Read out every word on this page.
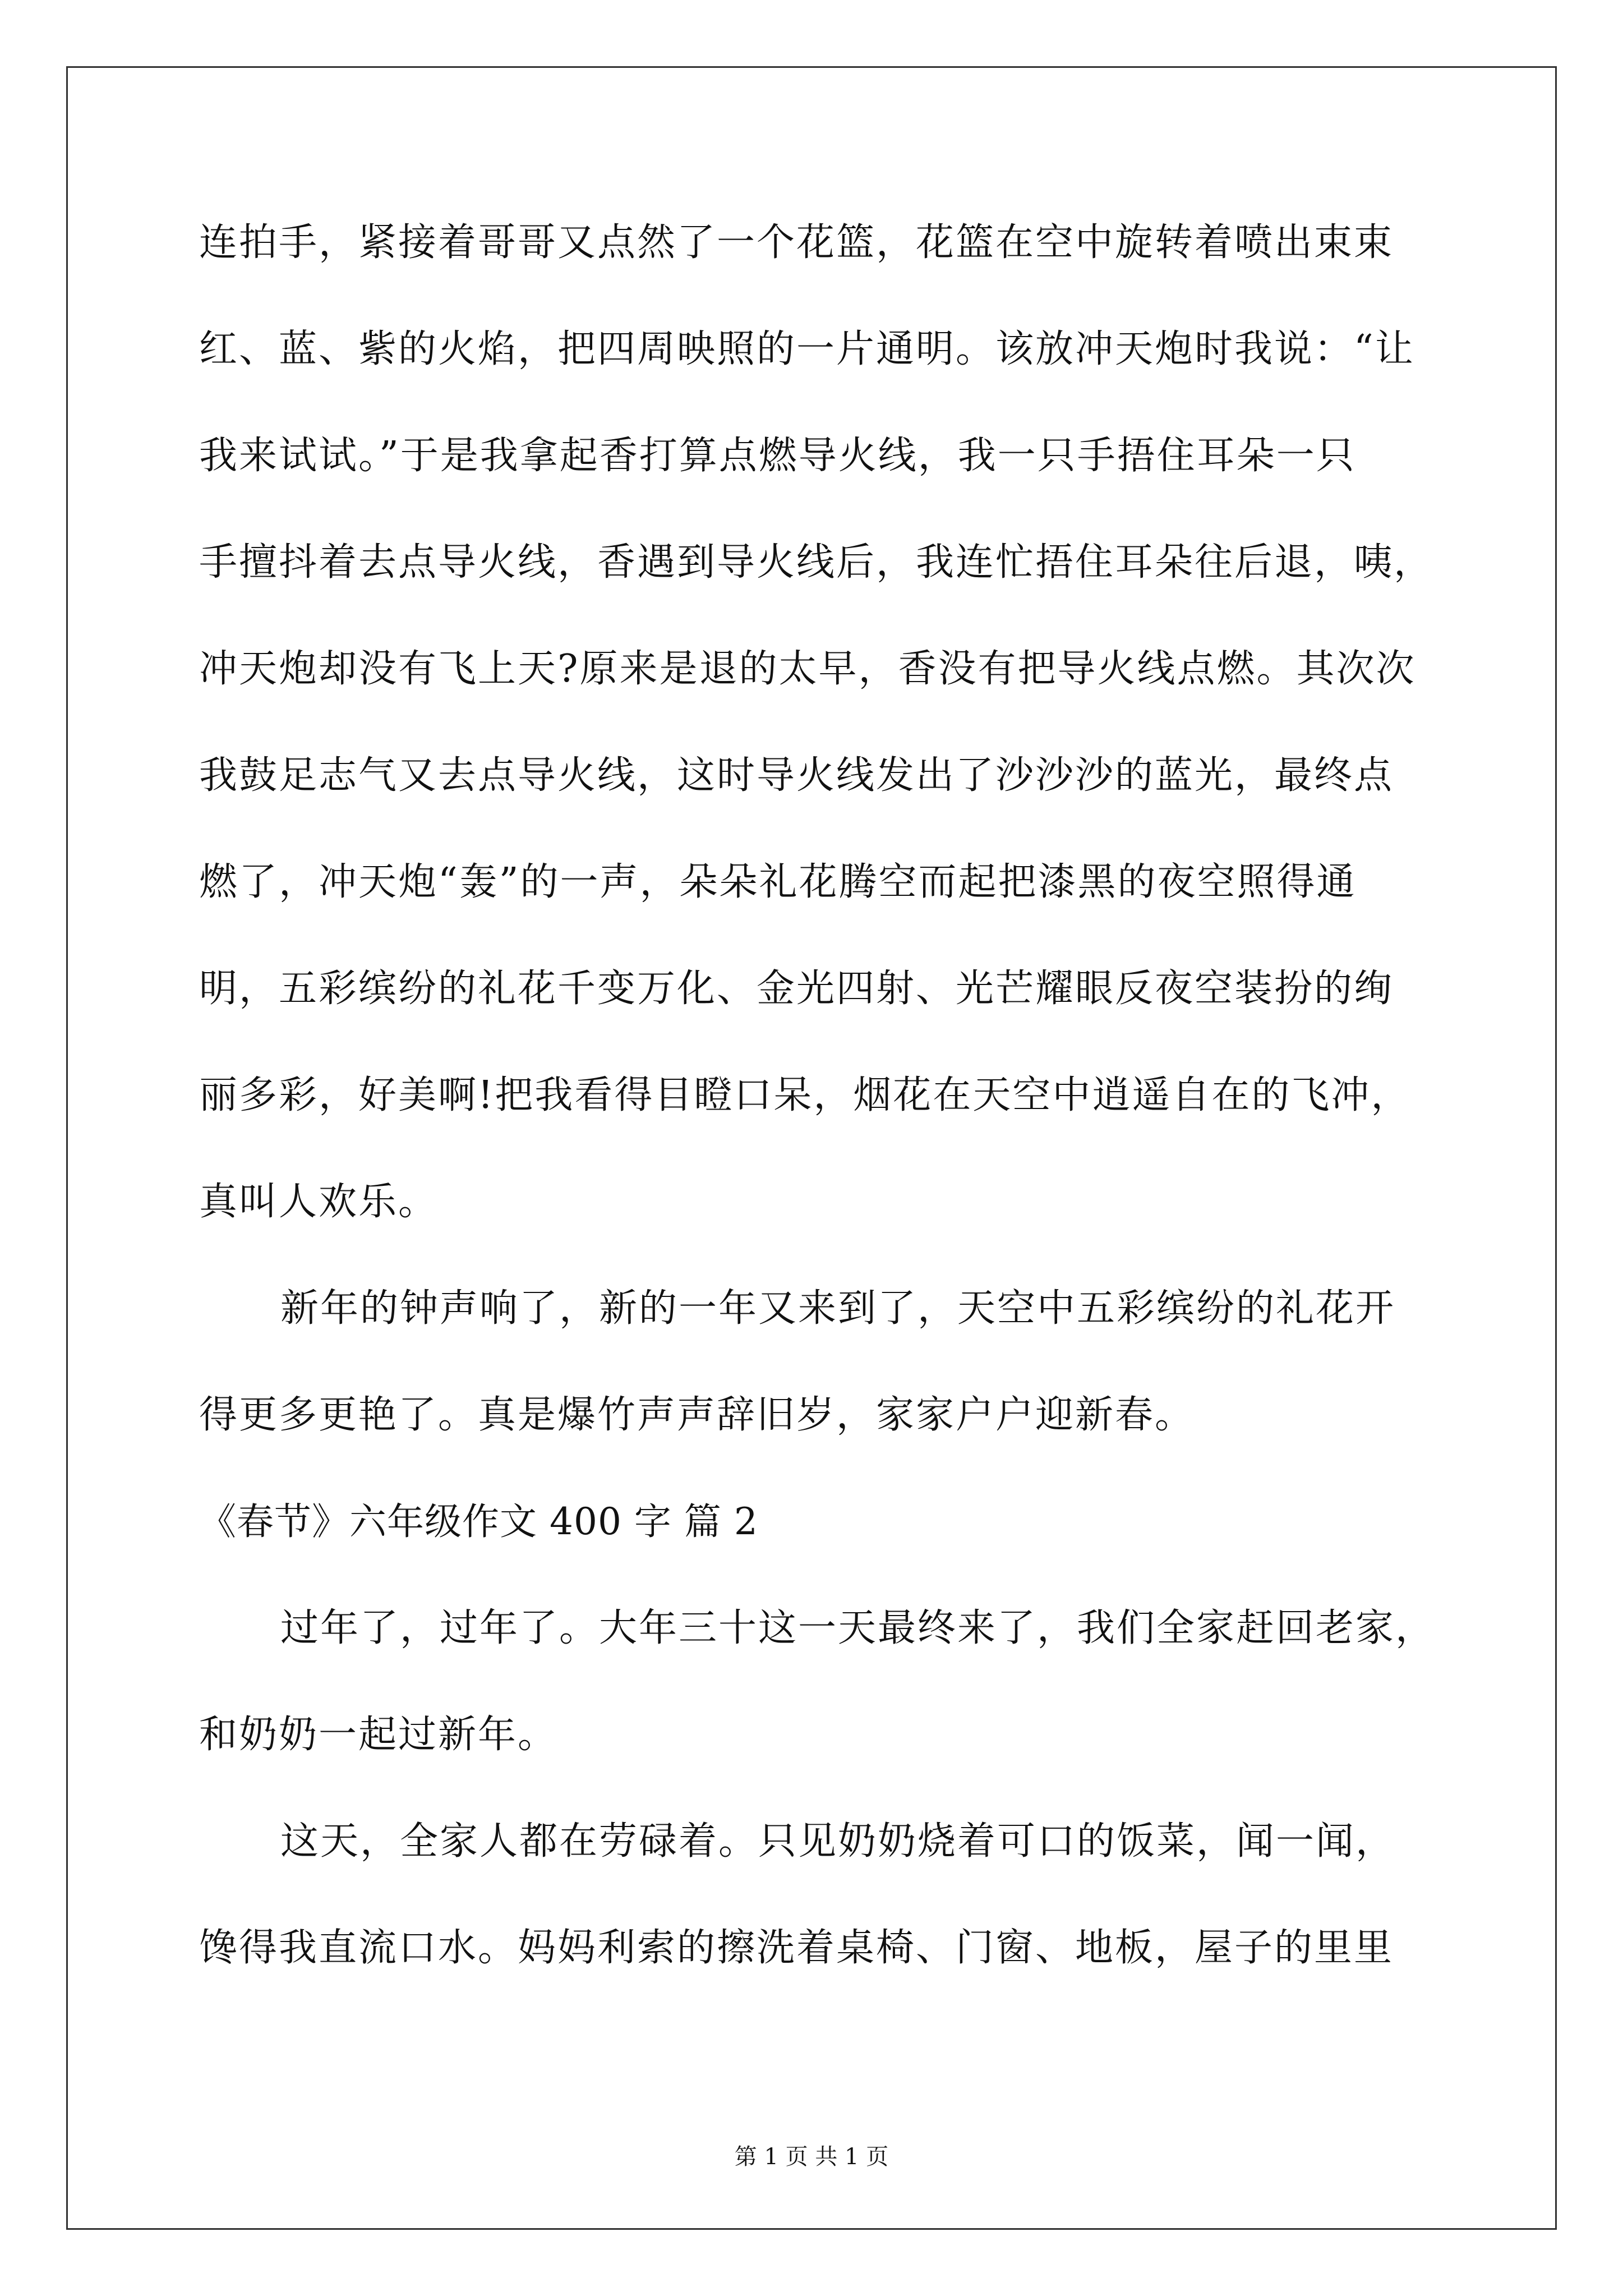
连拍手，紧接着哥哥又点然了一个花篮，花篮在空中旋转着喷出束束
红、蓝、紫的火焰，把四周映照的一片通明。该放冲天炮时我说：“让
我来试试。”于是我拿起香打算点燃导火线，我一只手捂住耳朵一只
手擅抖着去点导火线，香遇到导火线后，我连忙捂住耳朵往后退，咦，
冲天炮却没有飞上天?原来是退的太早，香没有把导火线点燃。其次次
我鼓足志气又去点导火线，这时导火线发出了沙沙沙的蓝光，最终点
燃了，冲天炮“轰”的一声，朵朵礼花腾空而起把漆黑的夜空照得通
明，五彩缤纷的礼花千变万化、金光四射、光芒耀眼反夜空装扮的绚
丽多彩，好美啊!把我看得目瞪口呆，烟花在天空中逍遥自在的飞冲，
真叫人欢乐。
新年的钟声响了，新的一年又来到了，天空中五彩缤纷的礼花开
得更多更艳了。真是爆竹声声辞旧岁，家家户户迎新春。
《春节》六年级作文 400 字 篇 2
过年了，过年了。大年三十这一天最终来了，我们全家赶回老家，
和奶奶一起过新年。
这天，全家人都在劳碌着。只见奶奶烧着可口的饭菜，闻一闻，
馋得我直流口水。妈妈利索的擦洗着桌椅、门窗、地板，屋子的里里
第 1 页 共 1 页
